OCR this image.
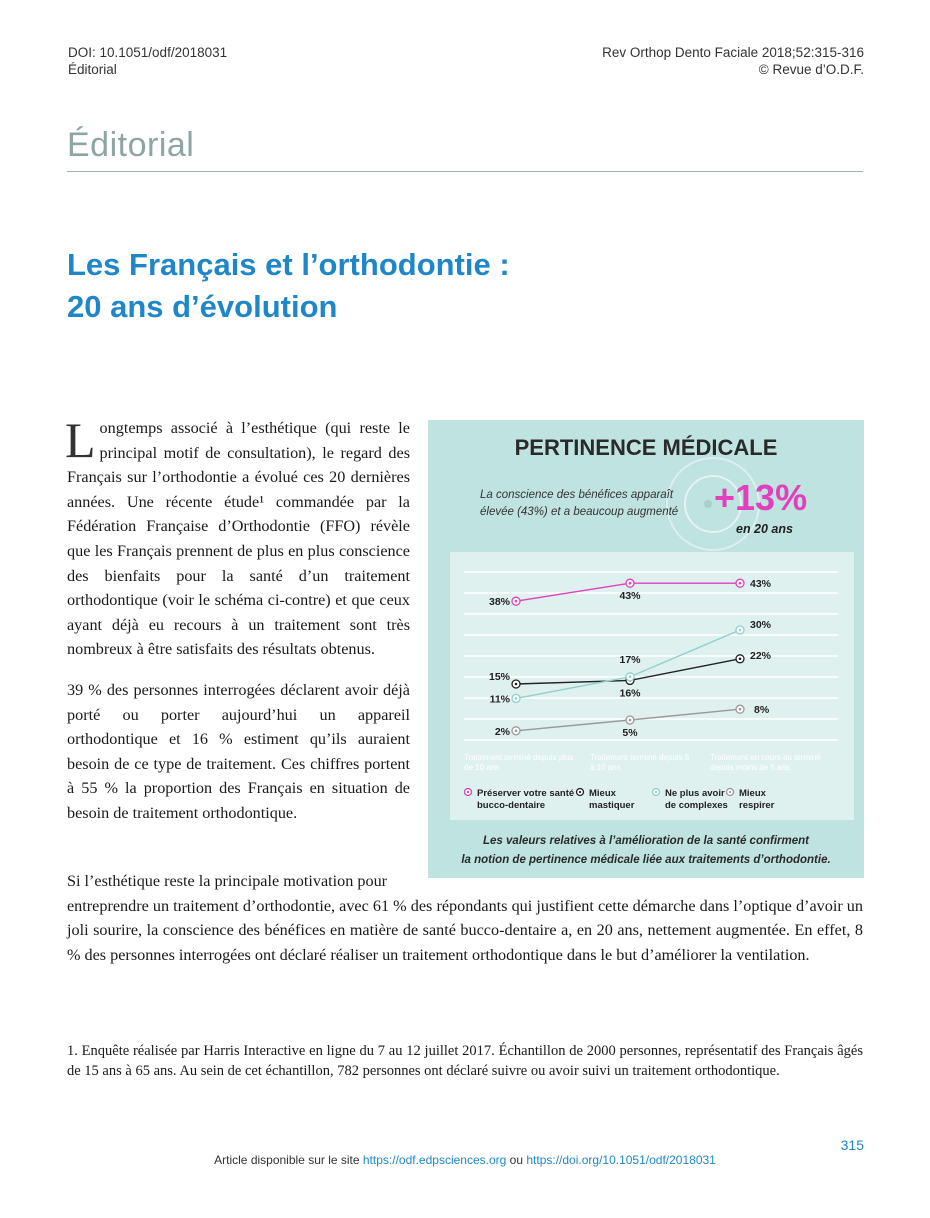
DOI: 10.1051/odf/2018031
Éditorial
Rev Orthop Dento Faciale 2018;52:315-316
© Revue d’O.D.F.
Éditorial
Les Français et l’orthodontie :
20 ans d’évolution

Longtemps associé à l’esthétique (qui reste le principal motif de consultation), le regard des Français sur l’orthodontie a évolué ces 20 dernières années. Une récente étude¹ commandée par la Fédération Française d’Orthodontie (FFO) révèle que les Français prennent de plus en plus conscience des bienfaits pour la santé d’un traitement orthodontique (voir le schéma ci-contre) et que ceux ayant déjà eu recours à un traitement sont très nombreux à être satisfaits des résultats obtenus.

39 % des personnes interrogées déclarent avoir déjà porté ou porter aujourd’hui un appareil orthodontique et 16 % estiment qu’ils auraient besoin de ce type de traitement. Ces chiffres portent à 55 % la proportion des Français en situation de besoin de traitement orthodontique.

Si l’esthétique reste la principale motivation pour
entreprendre un traitement d’orthodontie, avec 61 % des répondants qui justifient cette démarche dans l’optique d’avoir un joli sourire, la conscience des bénéfices en matière de santé bucco-dentaire a, en 20 ans, nettement augmentée. En effet, 8 % des personnes interrogées ont déclaré réaliser un traitement orthodontique dans le but d’améliorer la ventilation.
PERTINENCE MÉDICALE
La conscience des bénéfices apparaît
élevée (43%) et a beaucoup augmenté +13%
en 20 ans
38%	43%
43%
15%
16%
22%
11%
17%
30%
2%	5%
8%
Traitement terminé depuis plus de 10 ans
Traitement terminé depuis 5 à 10 ans
Traitement en cours ou terminé depuis moins de 5 ans
Préserver votre santé bucco-dentaire
Mieux mastiquer
Ne plus avoir de complexes
Mieux respirer
Les valeurs relatives à l’amélioration de la santé confirment
la notion de pertinence médicale liée aux traitements d’orthodontie.
1. Enquête réalisée par Harris Interactive en ligne du 7 au 12 juillet 2017. Échantillon de 2000 personnes, représentatif des Français âgés de 15 ans à 65 ans. Au sein de cet échantillon, 782 personnes ont déclaré suivre ou avoir suivi un traitement orthodontique.
315
Article disponible sur le site https://odf.edpsciences.org ou https://doi.org/10.1051/odf/2018031
